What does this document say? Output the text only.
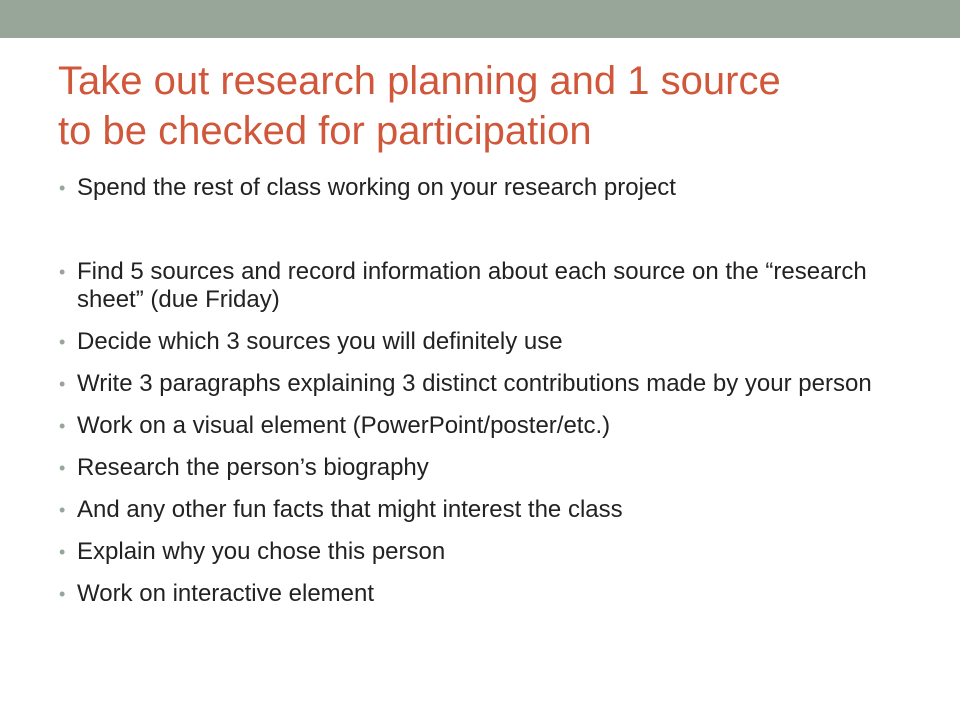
Take out research planning and 1 source
to be checked for participation
• Spend the rest of class working on your research project
• Find 5 sources and record information about each source on the “research sheet” (due Friday)
• Decide which 3 sources you will definitely use
• Write 3 paragraphs explaining 3 distinct contributions made by your person
• Work on a visual element (PowerPoint/poster/etc.)
• Research the person’s biography
• And any other fun facts that might interest the class
• Explain why you chose this person
• Work on interactive element
